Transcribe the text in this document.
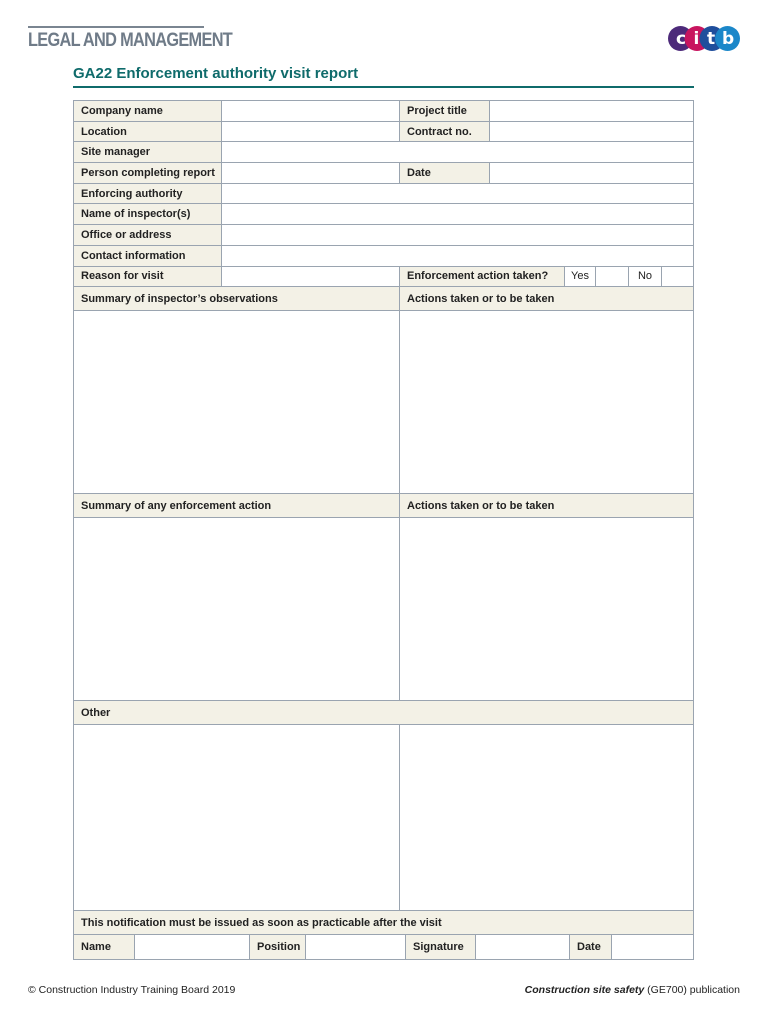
LEGAL AND MANAGEMENT	c i t b
GA22 Enforcement authority visit report
Company name	Project title
Location	Contract no.
Site manager
Person completing report	Date
Enforcing authority
Name of inspector(s)
Office or address
Contact information
Reason for visit	Enforcement action taken?	Yes	No
Summary of inspector’s observations	Actions taken or to be taken
Summary of any enforcement action	Actions taken or to be taken
Other
This notification must be issued as soon as practicable after the visit
Name	Position	Signature	Date
© Construction Industry Training Board 2019	Construction site safety (GE700) publication
